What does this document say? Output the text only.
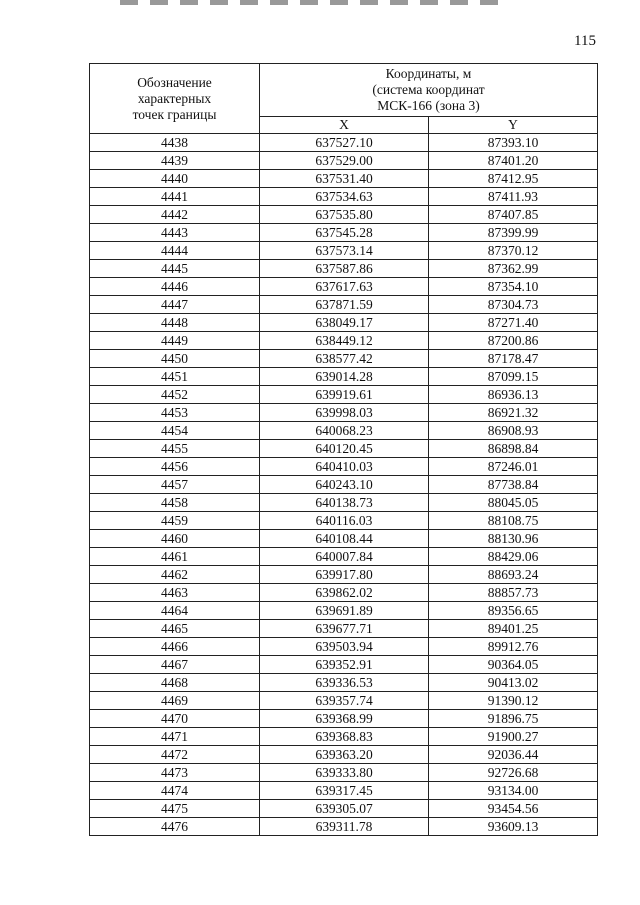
115
Обозначение
характерных
точек границы	Координаты, м
(система координат
МСК-166 (зона 3)	

	X	Y
4438	637527.10	87393.10
4439	637529.00	87401.20
4440	637531.40	87412.95
4441	637534.63	87411.93
4442	637535.80	87407.85
4443	637545.28	87399.99
4444	637573.14	87370.12
4445	637587.86	87362.99
4446	637617.63	87354.10
4447	637871.59	87304.73
4448	638049.17	87271.40
4449	638449.12	87200.86
4450	638577.42	87178.47
4451	639014.28	87099.15
4452	639919.61	86936.13
4453	639998.03	86921.32
4454	640068.23	86908.93
4455	640120.45	86898.84
4456	640410.03	87246.01
4457	640243.10	87738.84
4458	640138.73	88045.05
4459	640116.03	88108.75
4460	640108.44	88130.96
4461	640007.84	88429.06
4462	639917.80	88693.24
4463	639862.02	88857.73
4464	639691.89	89356.65
4465	639677.71	89401.25
4466	639503.94	89912.76
4467	639352.91	90364.05
4468	639336.53	90413.02
4469	639357.74	91390.12
4470	639368.99	91896.75
4471	639368.83	91900.27
4472	639363.20	92036.44
4473	639333.80	92726.68
4474	639317.45	93134.00
4475	639305.07	93454.56
4476	639311.78	93609.13
